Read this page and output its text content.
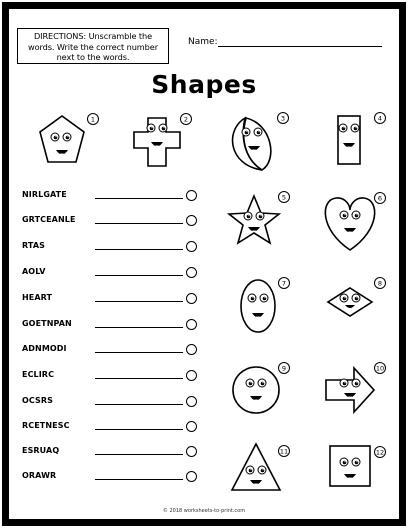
DIRECTIONS: Unscramble the words. Write the correct number next to the words.
Name:
Shapes
NIRLGATE
GRTCEANLE
RTAS
AOLV
HEART
GOETNPAN
ADNMODI
ECLIRC
OCSRS
RCETNESC
ESRUAQ
ORAWR
1	2	3	4
5	6
7	8
9	10
11	12
© 2018 worksheets-to-print.com
